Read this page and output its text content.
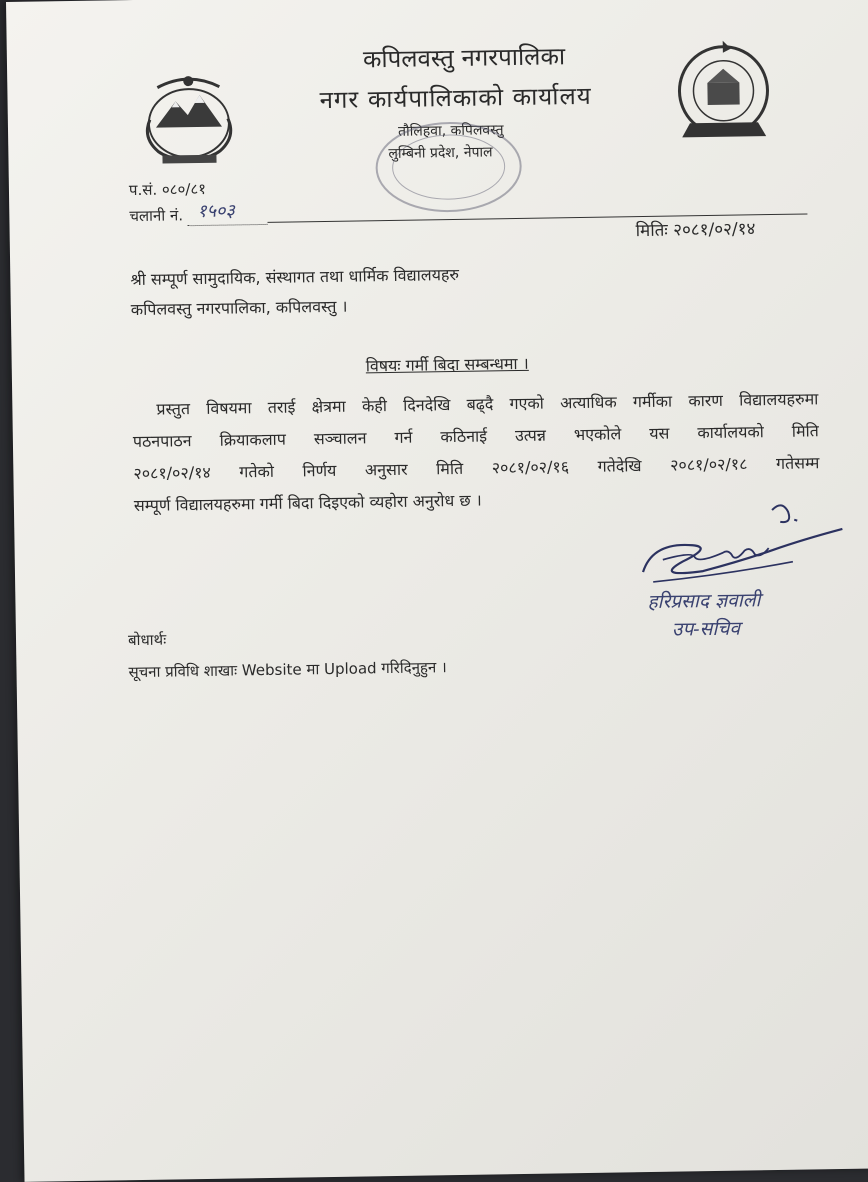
कपिलवस्तु नगरपालिका
नगर कार्यपालिकाको कार्यालय
तौलिहवा, कपिलवस्तु
लुम्बिनी प्रदेश, नेपाल
प.सं. ०८०/८१
चलानी नं. १५०३
मितिः २०८१/०२/१४
श्री सम्पूर्ण सामुदायिक, संस्थागत तथा धार्मिक विद्यालयहरु
कपिलवस्तु नगरपालिका, कपिलवस्तु ।
विषयः गर्मी बिदा सम्बन्धमा ।
प्रस्तुत विषयमा तराई क्षेत्रमा केही दिनदेखि बढ्दै गएको अत्याधिक गर्मीका कारण विद्यालयहरुमा
पठनपाठन क्रियाकलाप सञ्चालन गर्न कठिनाई उत्पन्न भएकोले यस कार्यालयको मिति
२०८१/०२/१४ गतेको निर्णय अनुसार मिति २०८१/०२/१६ गतेदेखि २०८१/०२/१८ गतेसम्म
सम्पूर्ण विद्यालयहरुमा गर्मी बिदा दिइएको व्यहोरा अनुरोध छ ।
हरिप्रसाद ज्ञवाली
उप-सचिव
बोधार्थः
सूचना प्रविधि शाखाः Website मा Upload गरिदिनुहुन ।
